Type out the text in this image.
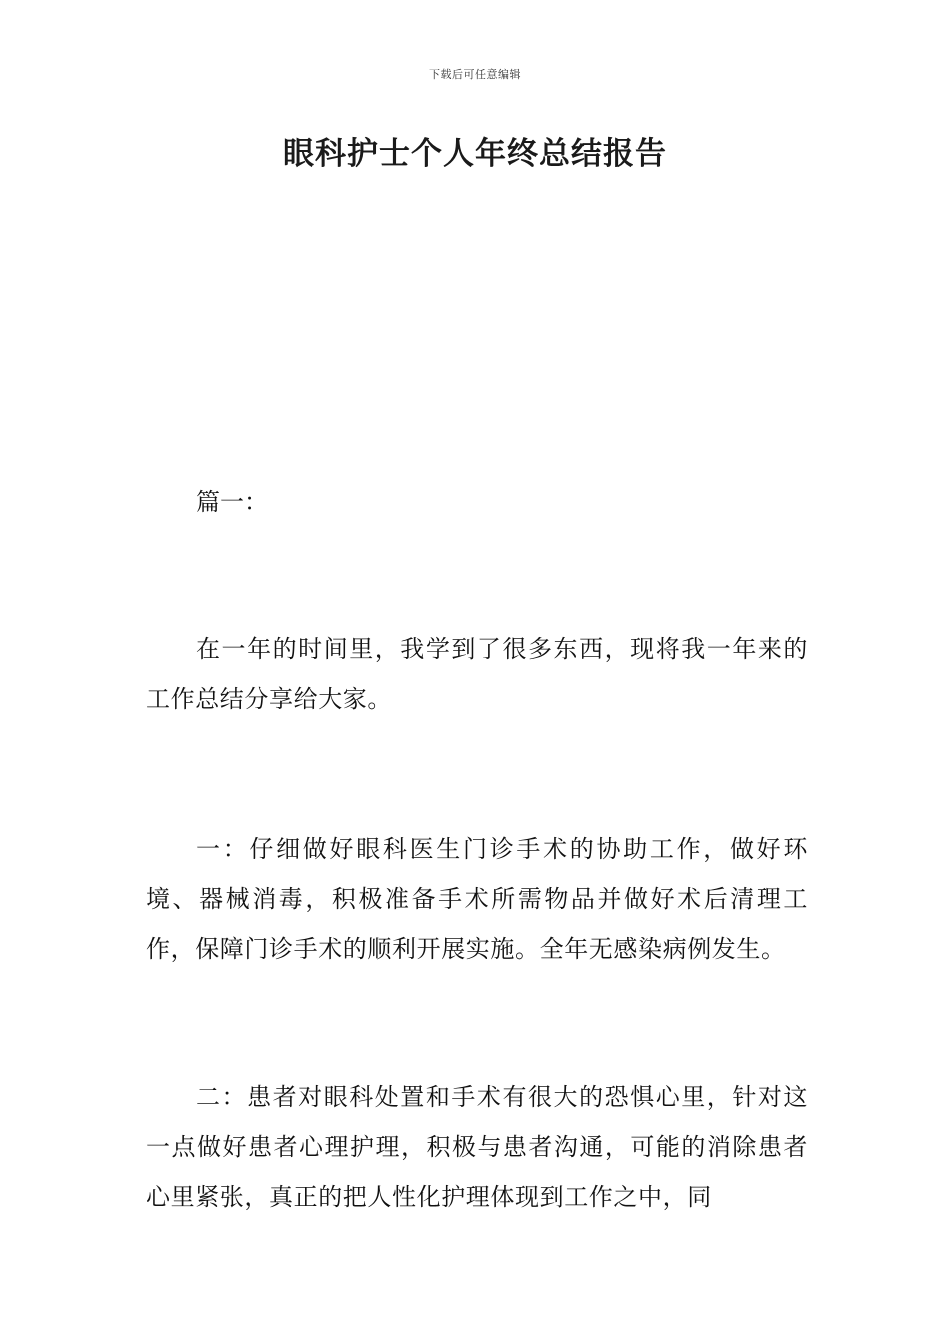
下载后可任意编辑
眼科护士个人年终总结报告
篇一：
在一年的时间里，我学到了很多东西，现将我一年来的工作总结分享给大家。
一：仔细做好眼科医生门诊手术的协助工作，做好环境、器械消毒，积极准备手术所需物品并做好术后清理工作，保障门诊手术的顺利开展实施。全年无感染病例发生。
二：患者对眼科处置和手术有很大的恐惧心里，针对这一点做好患者心理护理，积极与患者沟通，可能的消除患者心里紧张，真正的把人性化护理体现到工作之中，同
